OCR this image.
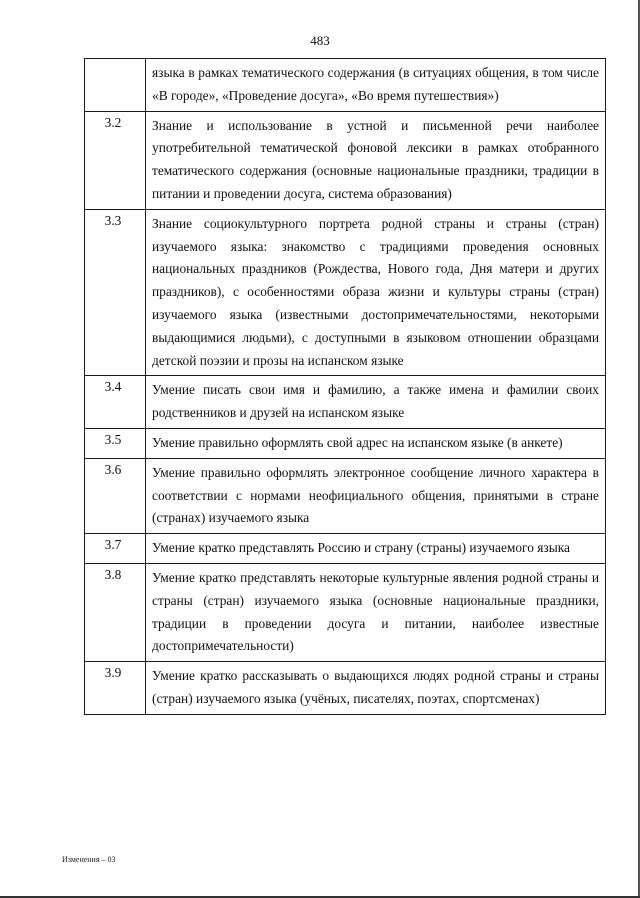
483
	языка в рамках тематического содержания (в ситуациях общения, в том числе «В городе», «Проведение досуга», «Во время путешествия»)
3.2	Знание и использование в устной и письменной речи наиболее употребительной тематической фоновой лексики в рамках отобранного тематического содержания (основные национальные праздники, традиции в питании и проведении досуга, система образования)
3.3	Знание социокультурного портрета родной страны и страны (стран) изучаемого языка: знакомство с традициями проведения основных национальных праздников (Рождества, Нового года, Дня матери и других праздников), с особенностями образа жизни и культуры страны (стран) изучаемого языка (известными достопримечательностями, некоторыми выдающимися людьми), с доступными в языковом отношении образцами детской поэзии и прозы на испанском языке
3.4	Умение писать свои имя и фамилию, а также имена и фамилии своих родственников и друзей на испанском языке
3.5	Умение правильно оформлять свой адрес на испанском языке (в анкете)
3.6	Умение правильно оформлять электронное сообщение личного характера в соответствии с нормами неофициального общения, принятыми в стране (странах) изучаемого языка
3.7	Умение кратко представлять Россию и страну (страны) изучаемого языка
3.8	Умение кратко представлять некоторые культурные явления родной страны и страны (стран) изучаемого языка (основные национальные праздники, традиции в проведении досуга и питании, наиболее известные достопримечательности)
3.9	Умение кратко рассказывать о выдающихся людях родной страны и страны (стран) изучаемого языка (учёных, писателях, поэтах, спортсменах)
Изменения – 03
